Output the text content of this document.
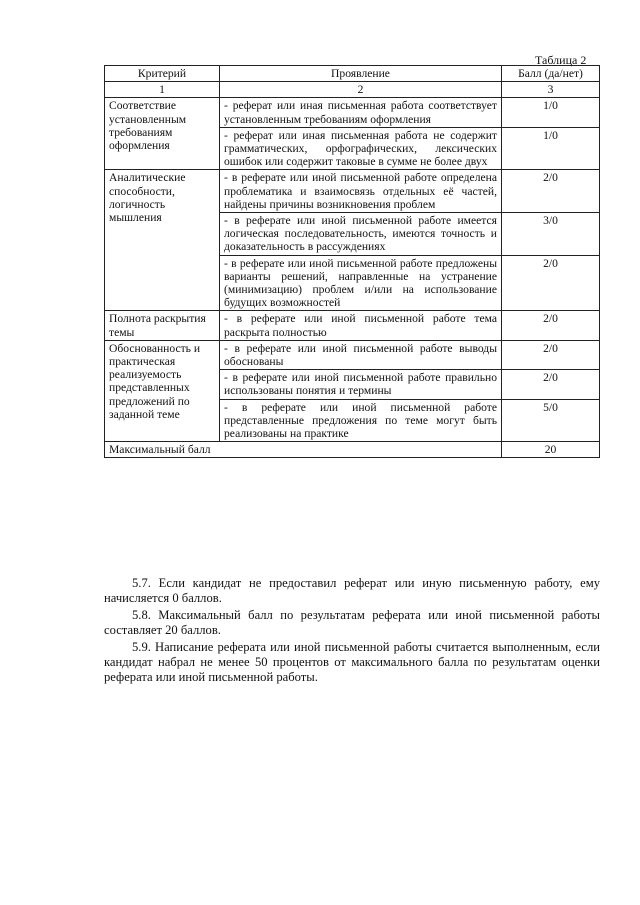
Таблица 2
Критерий	Проявление	Балл (да/нет)
1	2	3
Соответствие установленным требованиям оформления	- реферат или иная письменная работа соответствует установленным требованиям оформления	1/0
	- реферат или иная письменная работа не содержит грамматических, орфографических, лексических ошибок или содержит таковые в сумме не более двух	1/0
Аналитические способности, логичность мышления	- в реферате или иной письменной работе определена проблематика и взаимосвязь отдельных её частей, найдены причины возникновения проблем	2/0
	- в реферате или иной письменной работе имеется логическая последовательность, имеются точность и доказательность в рассуждениях	3/0
	- в реферате или иной письменной работе предложены варианты решений, направленные на устранение (минимизацию) проблем и/или на использование будущих возможностей	2/0
Полнота раскрытия темы	- в реферате или иной письменной работе тема раскрыта полностью	2/0
Обоснованность и практическая реализуемость представленных предложений по заданной теме	- в реферате или иной письменной работе выводы обоснованы	2/0
	- в реферате или иной письменной работе правильно использованы понятия и термины	2/0
	- в реферате или иной письменной работе представленные предложения по теме могут быть реализованы на практике	5/0
Максимальный балл		20

5.7. Если кандидат не предоставил реферат или иную письменную работу, ему начисляется 0 баллов.

5.8. Максимальный балл по результатам реферата или иной письменной работы составляет 20 баллов.

5.9. Написание реферата или иной письменной работы считается выполненным, если кандидат набрал не менее 50 процентов от максимального балла по результатам оценки реферата или иной письменной работы.
